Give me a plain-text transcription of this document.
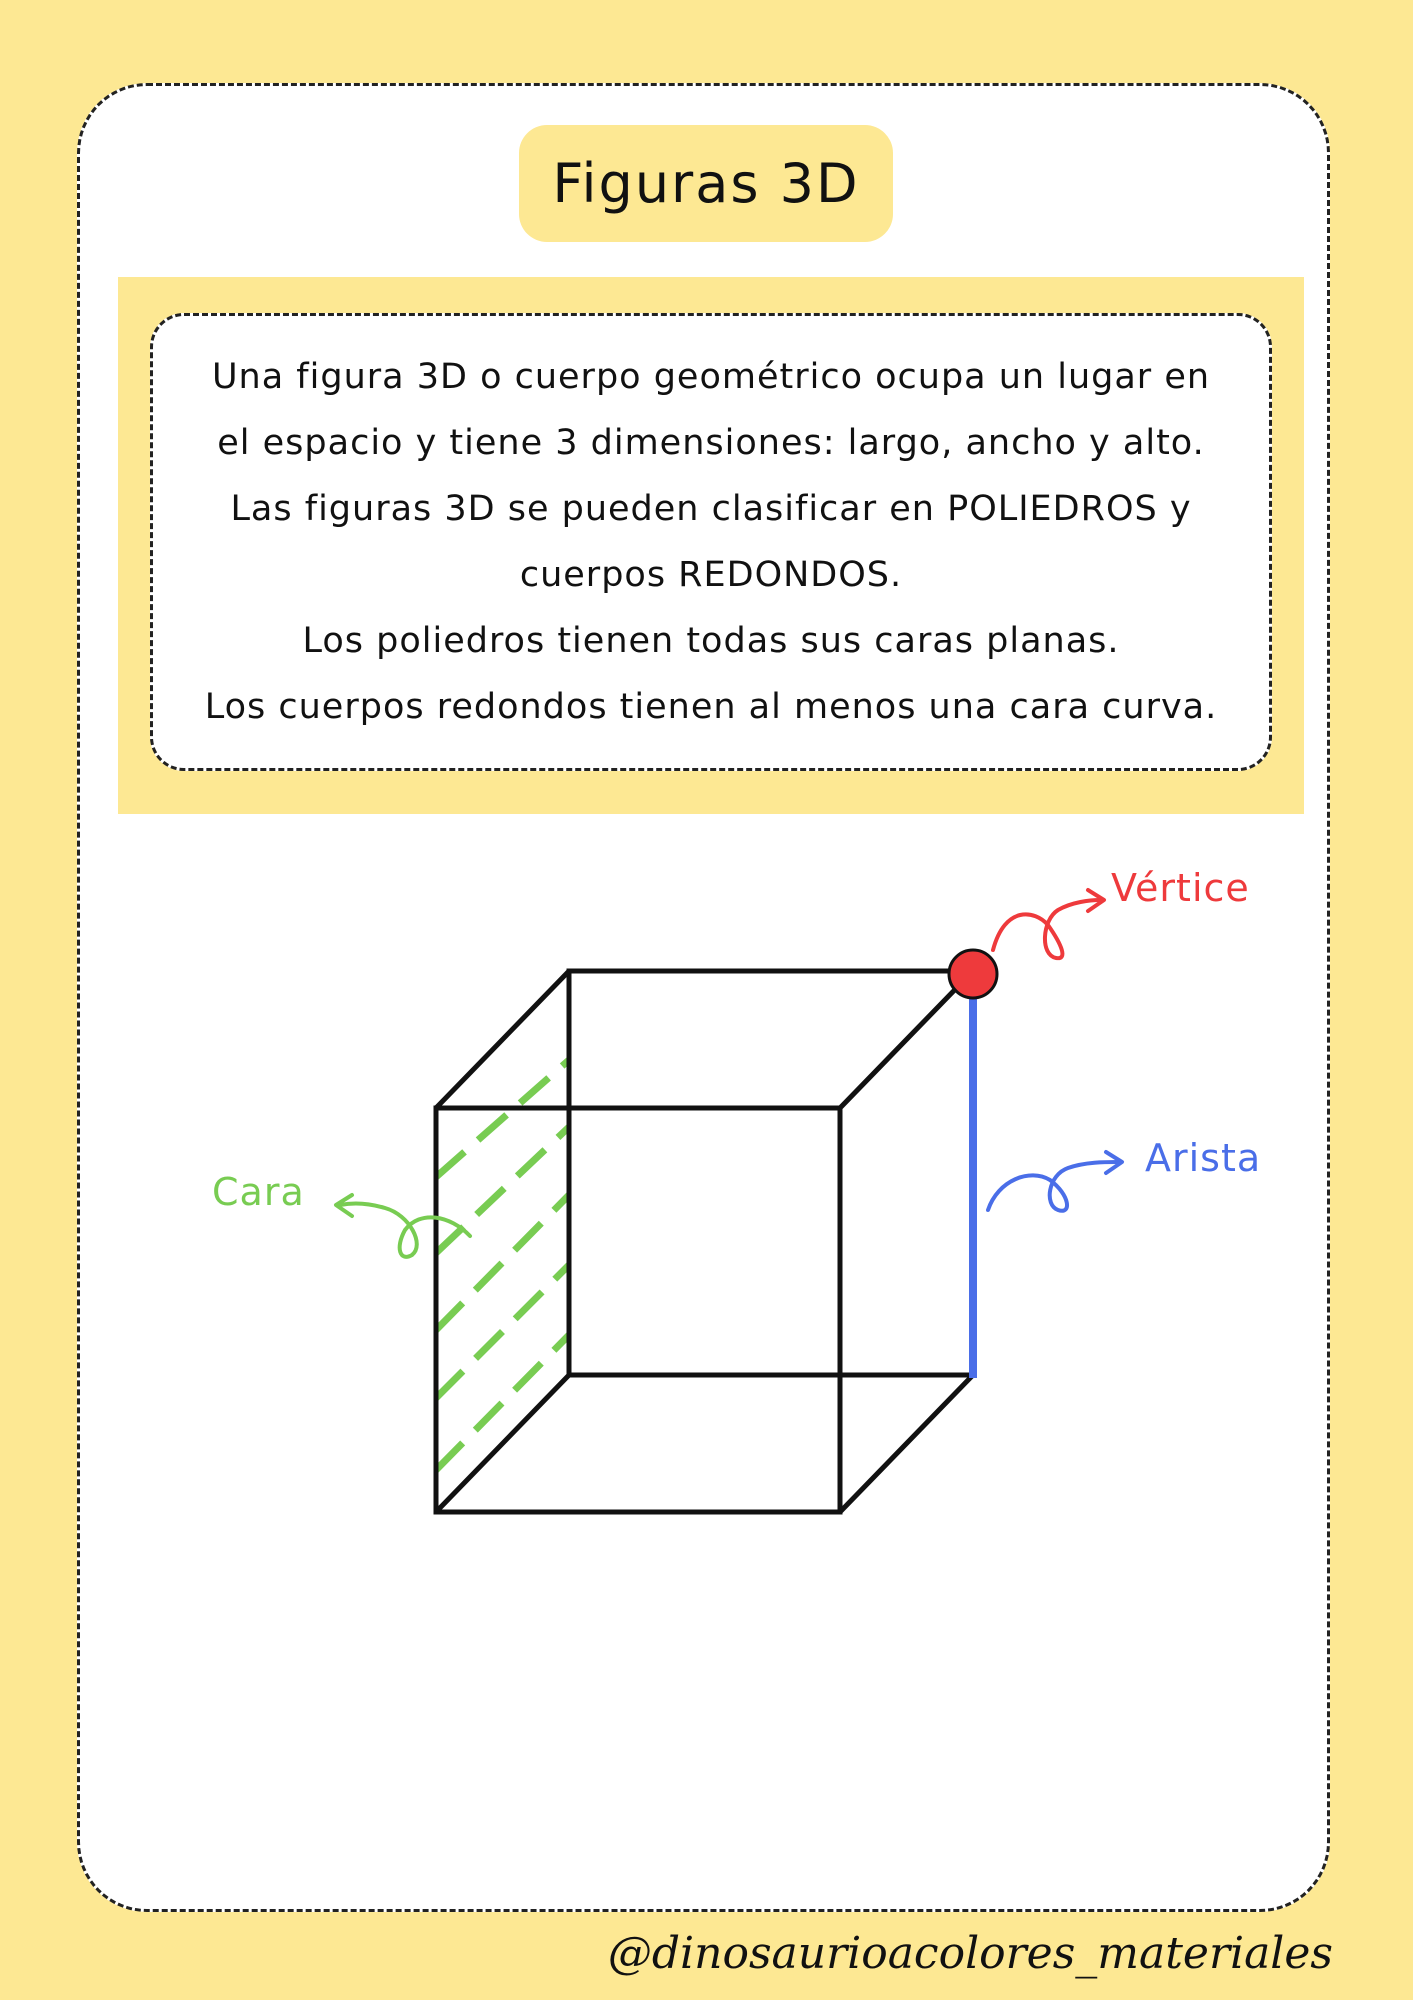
Figuras 3D

Una figura 3D o cuerpo geométrico ocupa un lugar en

el espacio y tiene 3 dimensiones: largo, ancho y alto.

Las figuras 3D se pueden clasificar en POLIEDROS y

cuerpos REDONDOS.

Los poliedros tienen todas sus caras planas.

Los cuerpos redondos tienen al menos una cara curva.

Vértice
Arista
Cara
@dinosaurioacolores_materiales
